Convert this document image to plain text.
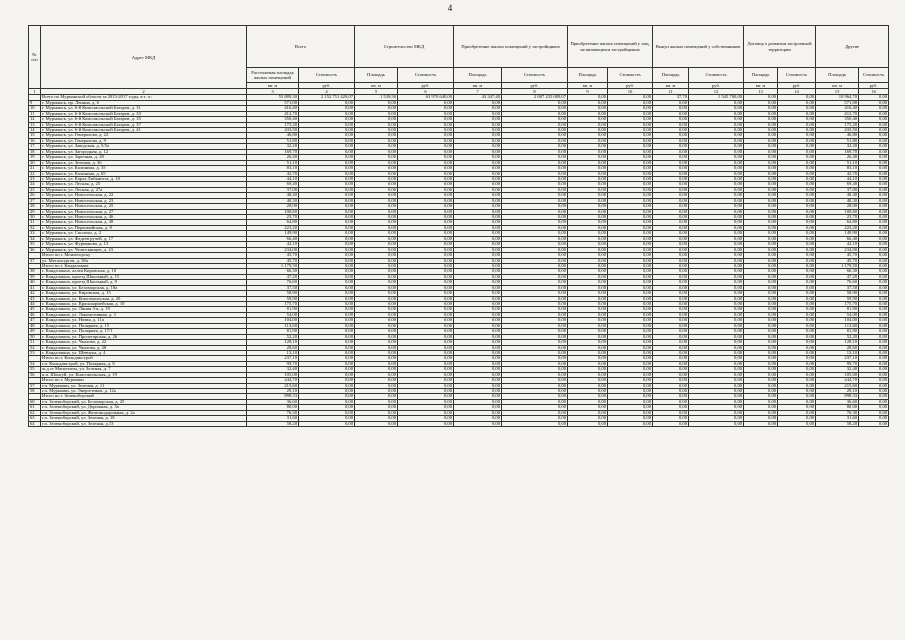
4
№ п/п	Адрес МКД	Всего		Строительство МКД		Приобретение жилых помещений у застройщиков		Приобретение жилых помещений у лиц, не являющихся застройщиком		Выкуп жилых помещений у собственников		Договор о развитии застроенной территории		Другие	
		Расселяемая площадь жилых помещений	Стоимость	Площадь	Стоимость	Площадь	Стоимость	Площадь	Стоимость	Площадь	Стоимость	Площадь	Стоимость	Площадь	Стоимость
		кв. м	руб.	кв. м	руб.	кв. м	руб.	кв. м	руб.	кв. м	руб.	кв. м	руб.	кв. м	руб.
1	2	3	4	5	6	7	8	9	10	11	12	13	14	15	16
	Всего по Мурманской области за 2013-2017 годы, в т. ч.:	55 889,30	2 152 751 429,07	1 539,50	63 970 640,00	43 347,40	2 087 235 089,07	0,00	0,00	37,70	1 545 700,00	0,00	0,00	10 964,70	0,00
9	г. Мурманск, пр. Ленина, д. 6	571,00	0,00	0,00	0,00	0,00	0,00	0,00	0,00	0,00	0,00	0,00	0,00	571,00	0,00
10	г. Мурманск, ул. 6-й Комсомольской Батареи, д. 31	416,40	0,00	0,00	0,00	0,00	0,00	0,00	0,00	0,00	0,00	0,00	0,00	416,40	0,00
11	г. Мурманск, ул. 6-й Комсомольской Батареи, д. 33	412,70	0,00	0,00	0,00	0,00	0,00	0,00	0,00	0,00	0,00	0,00	0,00	412,70	0,00
12	г. Мурманск, ул. 6-й Комсомольской Батареи, д. 35	350,40	0,00	0,00	0,00	0,00	0,00	0,00	0,00	0,00	0,00	0,00	0,00	350,40	0,00
13	г. Мурманск, ул. 6-й Комсомольской Батареи, д. 37	175,20	0,00	0,00	0,00	0,00	0,00	0,00	0,00	0,00	0,00	0,00	0,00	175,20	0,00
14	г. Мурманск, ул. 6-й Комсомольской Батареи, д. 41	433,50	0,00	0,00	0,00	0,00	0,00	0,00	0,00	0,00	0,00	0,00	0,00	433,50	0,00
15	г. Мурманск, ул. Генералова, д. 22	46,80	0,00	0,00	0,00	0,00	0,00	0,00	0,00	0,00	0,00	0,00	0,00	46,80	0,00
16	г. Мурманск, ул. Генералова, д. 9	51,80	0,00	0,00	0,00	0,00	0,00	0,00	0,00	0,00	0,00	0,00	0,00	51,80	0,00
17	г. Мурманск, ул. Заводская, д. 5/5а	32,20	0,00	0,00	0,00	0,00	0,00	0,00	0,00	0,00	0,00	0,00	0,00	32,20	0,00
18	г. Мурманск, ул. Загородная, д. 12	169,70	0,00	0,00	0,00	0,00	0,00	0,00	0,00	0,00	0,00	0,00	0,00	169,70	0,00
19	г. Мурманск, ул. Заречная, д. 28	26,40	0,00	0,00	0,00	0,00	0,00	0,00	0,00	0,00	0,00	0,00	0,00	26,40	0,00
20	г. Мурманск, ул. Зеленая, д. 36	51,10	0,00	0,00	0,00	0,00	0,00	0,00	0,00	0,00	0,00	0,00	0,00	51,10	0,00
21	г. Мурманск, ул. Калинина, д. 35	83,10	0,00	0,00	0,00	0,00	0,00	0,00	0,00	0,00	0,00	0,00	0,00	83,10	0,00
22	г. Мурманск, ул. Калинина, д. 65	42,70	0,00	0,00	0,00	0,00	0,00	0,00	0,00	0,00	0,00	0,00	0,00	42,70	0,00
23	г. Мурманск, ул. Карла Либкнехта, д. 10	44,10	0,00	0,00	0,00	0,00	0,00	0,00	0,00	0,00	0,00	0,00	0,00	44,10	0,00
24	г. Мурманск, ул. Лесная, д. 25	69,40	0,00	0,00	0,00	0,00	0,00	0,00	0,00	0,00	0,00	0,00	0,00	69,40	0,00
25	г. Мурманск, ул. Лесная, д. 27а	37,00	0,00	0,00	0,00	0,00	0,00	0,00	0,00	0,00	0,00	0,00	0,00	37,00	0,00
26	г. Мурманск, ул. Новосельская, д. 22	48,40	0,00	0,00	0,00	0,00	0,00	0,00	0,00	0,00	0,00	0,00	0,00	48,40	0,00
27	г. Мурманск, ул. Новосельская, д. 23	48,30	0,00	0,00	0,00	0,00	0,00	0,00	0,00	0,00	0,00	0,00	0,00	48,30	0,00
28	г. Мурманск, ул. Новосельская, д. 25	28,00	0,00	0,00	0,00	0,00	0,00	0,00	0,00	0,00	0,00	0,00	0,00	28,00	0,00
29	г. Мурманск, ул. Новосельская, д. 27	100,60	0,00	0,00	0,00	0,00	0,00	0,00	0,00	0,00	0,00	0,00	0,00	100,60	0,00
30	г. Мурманск, ул. Новосельская, д. 46	23,70	0,00	0,00	0,00	0,00	0,00	0,00	0,00	0,00	0,00	0,00	0,00	23,70	0,00
31	г. Мурманск, ул. Новосельская, д. 48	64,80	0,00	0,00	0,00	0,00	0,00	0,00	0,00	0,00	0,00	0,00	0,00	64,80	0,00
32	г. Мурманск, ул. Первомайская, д. 8	223,20	0,00	0,00	0,00	0,00	0,00	0,00	0,00	0,00	0,00	0,00	0,00	223,20	0,00
33	г. Мурманск, ул. Сполохи, д. 2	149,90	0,00	0,00	0,00	0,00	0,00	0,00	0,00	0,00	0,00	0,00	0,00	149,90	0,00
34	г. Мурманск, ул. Фадеев ручей, д. 17	66,40	0,00	0,00	0,00	0,00	0,00	0,00	0,00	0,00	0,00	0,00	0,00	66,40	0,00
35	г. Мурманск, ул. Фурманова, д. 13	42,10	0,00	0,00	0,00	0,00	0,00	0,00	0,00	0,00	0,00	0,00	0,00	42,10	0,00
36	г. Мурманск, ул. Челюскинцев, д. 23	234,00	0,00	0,00	0,00	0,00	0,00	0,00	0,00	0,00	0,00	0,00	0,00	234,00	0,00
	Итого по г. Мончегорску	45,70	0,00	0,00	0,00	0,00	0,00	0,00	0,00	0,00	0,00	0,00	0,00	45,70	0,00
37	ул. Металлургов, д. 30а	45,70	0,00	0,00	0,00	0,00	0,00	0,00	0,00	0,00	0,00	0,00	0,00	45,70	0,00
	Итого по г. Кандалакша	1 179,50	0,00	0,00	0,00	0,00	0,00	0,00	0,00	0,00	0,00	0,00	0,00	1 179,50	0,00
38	г. Кандалакша, аллея Кировская, д. 10	66,30	0,00	0,00	0,00	0,00	0,00	0,00	0,00	0,00	0,00	0,00	0,00	66,30	0,00
39	г. Кандалакша, проезд Школьный, д. 15	47,20	0,00	0,00	0,00	0,00	0,00	0,00	0,00	0,00	0,00	0,00	0,00	47,20	0,00
40	г. Кандалакша, проезд Школьный, д. 9	76,60	0,00	0,00	0,00	0,00	0,00	0,00	0,00	0,00	0,00	0,00	0,00	76,60	0,00
41	г. Кандалакша, ул. Беломорская, д. 18а	37,50	0,00	0,00	0,00	0,00	0,00	0,00	0,00	0,00	0,00	0,00	0,00	37,50	0,00
42	г. Кандалакша, ул. Кировская, д. 15	58,90	0,00	0,00	0,00	0,00	0,00	0,00	0,00	0,00	0,00	0,00	0,00	58,90	0,00
43	г. Кандалакша, ул. Комсомольская, д. 20	59,90	0,00	0,00	0,00	0,00	0,00	0,00	0,00	0,00	0,00	0,00	0,00	59,90	0,00
44	г. Кандалакша, ул. Красноармейская, д. 10	175,70	0,00	0,00	0,00	0,00	0,00	0,00	0,00	0,00	0,00	0,00	0,00	175,70	0,00
45	г. Кандалакша, ул. Линия 3-я, д. 19	81,90	0,00	0,00	0,00	0,00	0,00	0,00	0,00	0,00	0,00	0,00	0,00	81,90	0,00
46	г. Кандалакша, ул. Локомотивная, д. 3	54,00	0,00	0,00	0,00	0,00	0,00	0,00	0,00	0,00	0,00	0,00	0,00	54,00	0,00
47	г. Кандалакша, ул. Новая, д. 11а	104,00	0,00	0,00	0,00	0,00	0,00	0,00	0,00	0,00	0,00	0,00	0,00	104,00	0,00
48	г. Кандалакша, ул. Полярная, д. 15	113,60	0,00	0,00	0,00	0,00	0,00	0,00	0,00	0,00	0,00	0,00	0,00	113,60	0,00
49	г. Кандалакша, ул. Полярная, д. 17/1	81,90	0,00	0,00	0,00	0,00	0,00	0,00	0,00	0,00	0,00	0,00	0,00	81,90	0,00
50	г. Кандалакша, ул. Пролетарская, д. 26	52,20	0,00	0,00	0,00	0,00	0,00	0,00	0,00	0,00	0,00	0,00	0,00	52,20	0,00
51	г. Кандалакша, ул. Чкалова, д. 22	128,10	0,00	0,00	0,00	0,00	0,00	0,00	0,00	0,00	0,00	0,00	0,00	128,10	0,00
52	г. Кандалакша, ул. Чкалова, д. 28	28,60	0,00	0,00	0,00	0,00	0,00	0,00	0,00	0,00	0,00	0,00	0,00	28,60	0,00
53	г. Кандалакша, ул. Шевчука, д. 4	13,10	0,00	0,00	0,00	0,00	0,00	0,00	0,00	0,00	0,00	0,00	0,00	13,10	0,00
	Итого по г. Кильдинстрой	237,10	0,00	0,00	0,00	0,00	0,00	0,00	0,00	0,00	0,00	0,00	0,00	237,10	0,00
54	г.п. Кильдинстрой, ул. Полярная, д. 8	99,70	0,00	0,00	0,00	0,00	0,00	0,00	0,00	0,00	0,00	0,00	0,00	99,70	0,00
55	ж.д.ст Магнетиты, ул. Зеленая, д. 7	32,40	0,00	0,00	0,00	0,00	0,00	0,00	0,00	0,00	0,00	0,00	0,00	32,40	0,00
56	н.п. Шонгуй, ул. Комсомольская, д. 19	105,00	0,00	0,00	0,00	0,00	0,00	0,00	0,00	0,00	0,00	0,00	0,00	105,00	0,00
	Итого по г. Мурмаши	244,70	0,00	0,00	0,00	0,00	0,00	0,00	0,00	0,00	0,00	0,00	0,00	244,70	0,00
57	г.п. Мурмаши, ул. Зеленая, д. 11	215,60	0,00	0,00	0,00	0,00	0,00	0,00	0,00	0,00	0,00	0,00	0,00	215,60	0,00
58	г.п. Мурмаши, ул. Энергетиков, д. 12а	29,10	0,00	0,00	0,00	0,00	0,00	0,00	0,00	0,00	0,00	0,00	0,00	29,10	0,00
	Итого по г. Зеленоборский	898,33	0,00	0,00	0,00	0,00	0,00	0,00	0,00	0,00	0,00	0,00	0,00	898,33	0,00
60	г.п. Зеленоборский, ул. Беломорская, д. 25	36,60	0,00	0,00	0,00	0,00	0,00	0,00	0,00	0,00	0,00	0,00	0,00	36,60	0,00
61	г.п. Зеленоборский, ул. Дорожная, д. 3а	80,00	0,00	0,00	0,00	0,00	0,00	0,00	0,00	0,00	0,00	0,00	0,00	80,00	0,00
62	г.п. Зеленоборский, ул. Железнодорожная, д. 2а	76,30	0,00	0,00	0,00	0,00	0,00	0,00	0,00	0,00	0,00	0,00	0,00	76,30	0,00
63	г.п. Зеленоборский, ул. Зеленая, д. 18	31,60	0,00	0,00	0,00	0,00	0,00	0,00	0,00	0,00	0,00	0,00	0,00	31,60	0,00
64	г.п. Зеленоборский, ул. Зеленая, д.13	58,20	0,00	0,00	0,00	0,00	0,00	0,00	0,00	0,00	0,00	0,00	0,00	58,20	0,00
